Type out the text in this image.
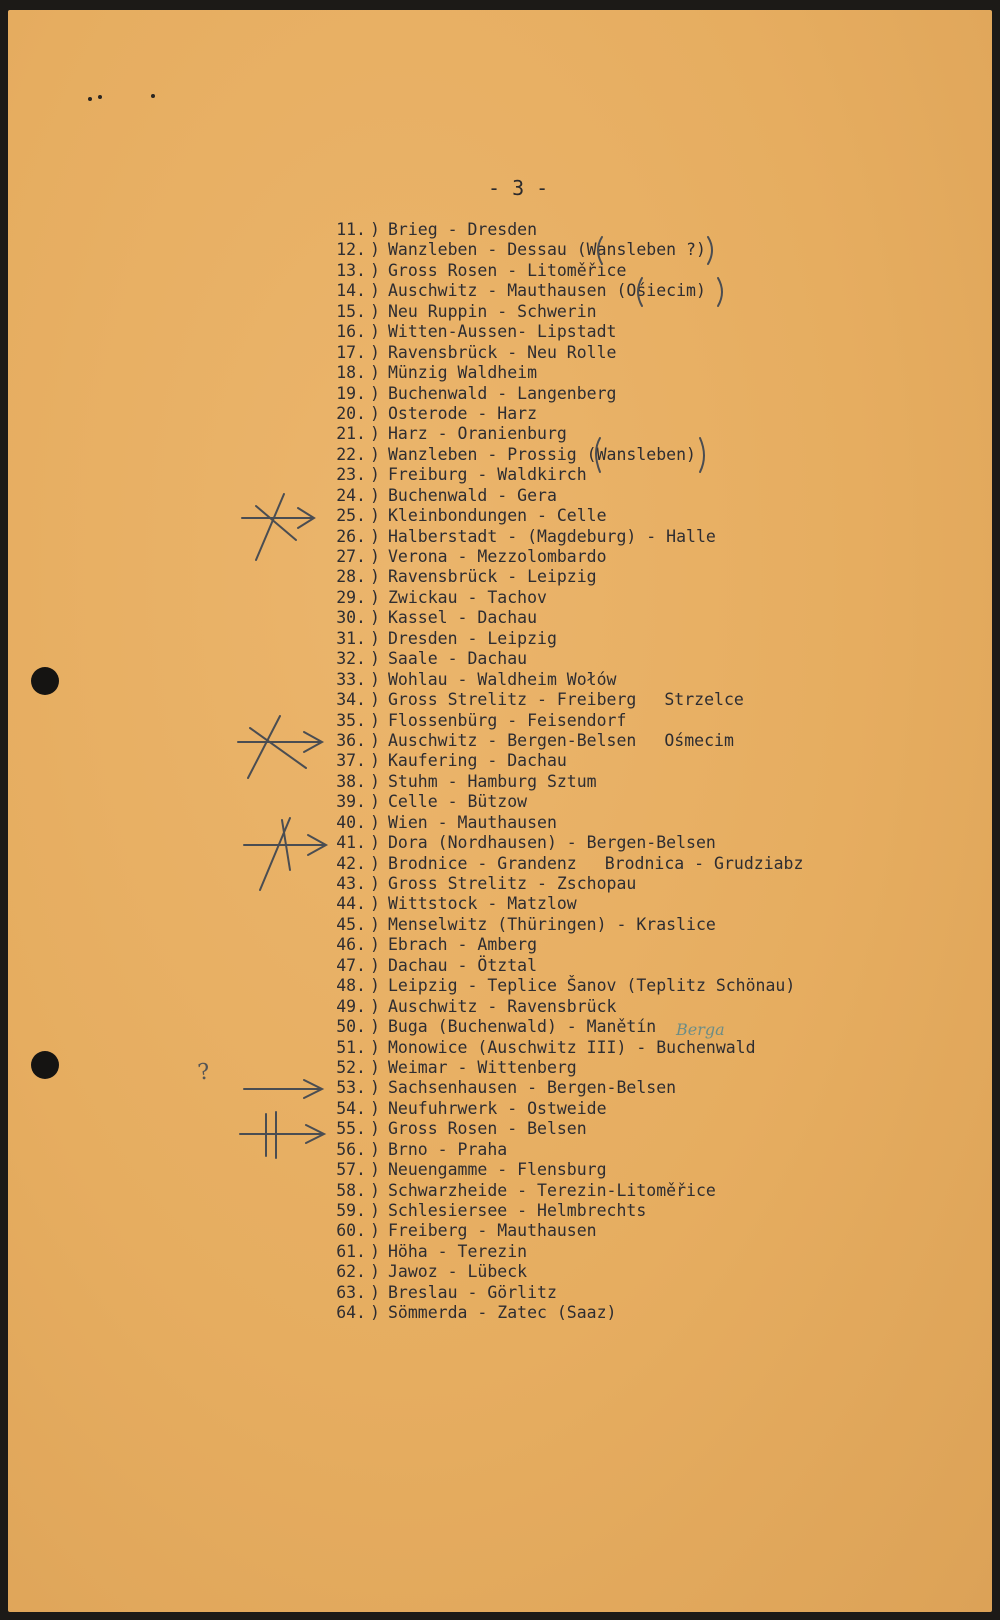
- 3 -
11. ) Brieg - Dresden
12. ) Wanzleben - Dessau (Wansleben ?)
13. ) Gross Rosen - Litoměřice
14. ) Auschwitz - Mauthausen (Ośiecim)
15. ) Neu Ruppin - Schwerin
16. ) Witten-Aussen- Lipstadt
17. ) Ravensbrück - Neu Rolle
18. ) Münzig Waldheim
19. ) Buchenwald - Langenberg
20. ) Osterode - Harz
21. ) Harz - Oranienburg
22. ) Wanzleben - Prossig (Wansleben)
23. ) Freiburg - Waldkirch
24. ) Buchenwald - Gera
25. ) Kleinbondungen - Celle
26. ) Halberstadt - (Magdeburg) - Halle
27. ) Verona - Mezzolombardo
28. ) Ravensbrück - Leipzig
29. ) Zwickau - Tachov
30. ) Kassel - Dachau
31. ) Dresden - Leipzig
32. ) Saale - Dachau
33. ) Wohlau - Waldheim Wołów
34. ) Gross Strelitz - Freiberg Strzelce
35. ) Flossenbürg - Feisendorf
36. ) Auschwitz - Bergen-Belsen Ośmecim
37. ) Kaufering - Dachau
38. ) Stuhm - Hamburg Sztum
39. ) Celle - Bützow
40. ) Wien - Mauthausen
41. ) Dora (Nordhausen) - Bergen-Belsen
42. ) Brodnice - Grandenz Brodnica - Grudziabz
43. ) Gross Strelitz - Zschopau
44. ) Wittstock - Matzlow
45. ) Menselwitz (Thüringen) - Kraslice
46. ) Ebrach - Amberg
47. ) Dachau - Ötztal
48. ) Leipzig - Teplice Šanov (Teplitz Schönau)
49. ) Auschwitz - Ravensbrück
50. ) Buga (Buchenwald) - Manětín
51. ) Monowice (Auschwitz III) - Buchenwald
52. ) Weimar - Wittenberg
53. ) Sachsenhausen - Bergen-Belsen
54. ) Neufuhrwerk - Ostweide
55. ) Gross Rosen - Belsen
56. ) Brno - Praha
57. ) Neuengamme - Flensburg
58. ) Schwarzheide - Terezin-Litoměřice
59. ) Schlesiersee - Helmbrechts
60. ) Freiberg - Mauthausen
61. ) Höha - Terezin
62. ) Jawoz - Lübeck
63. ) Breslau - Görlitz
64. ) Sömmerda - Zatec (Saaz)
Berga
?
